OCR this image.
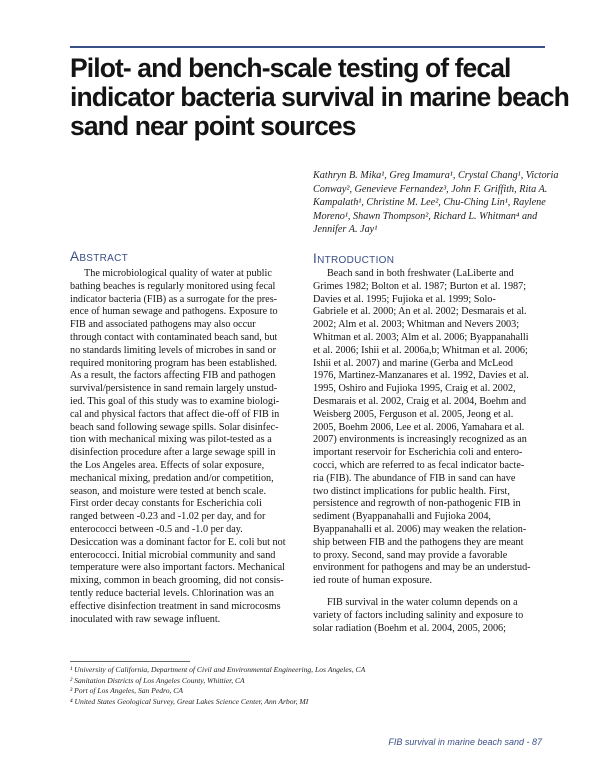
Pilot- and bench-scale testing of fecal
indicator bacteria survival in marine beach
sand near point sources
Kathryn B. Mika¹, Greg Imamura¹, Crystal Chang¹, Victoria
Conway², Genevieve Fernandez³, John F. Griffith, Rita A.
Kampalath¹, Christine M. Lee², Chu-Ching Lin¹, Raylene
Moreno¹, Shawn Thompson², Richard L. Whitman⁴ and
Jennifer A. Jay¹
ABSTRACT
The microbiological quality of water at public
bathing beaches is regularly monitored using fecal
indicator bacteria (FIB) as a surrogate for the pres-
ence of human sewage and pathogens. Exposure to
FIB and associated pathogens may also occur
through contact with contaminated beach sand, but
no standards limiting levels of microbes in sand or
required monitoring program has been established.
As a result, the factors affecting FIB and pathogen
survival/persistence in sand remain largely unstud-
ied. This goal of this study was to examine biologi-
cal and physical factors that affect die-off of FIB in
beach sand following sewage spills. Solar disinfec-
tion with mechanical mixing was pilot-tested as a
disinfection procedure after a large sewage spill in
the Los Angeles area. Effects of solar exposure,
mechanical mixing, predation and/or competition,
season, and moisture were tested at bench scale.
First order decay constants for Escherichia coli
ranged between -0.23 and -1.02 per day, and for
enterococci between -0.5 and -1.0 per day.
Desiccation was a dominant factor for E. coli but not
enterococci. Initial microbial community and sand
temperature were also important factors. Mechanical
mixing, common in beach grooming, did not consis-
tently reduce bacterial levels. Chlorination was an
effective disinfection treatment in sand microcosms
inoculated with raw sewage influent.
INTRODUCTION
Beach sand in both freshwater (LaLiberte and
Grimes 1982; Bolton et al. 1987; Burton et al. 1987;
Davies et al. 1995; Fujioka et al. 1999; Solo-
Gabriele et al. 2000; An et al. 2002; Desmarais et al.
2002; Alm et al. 2003; Whitman and Nevers 2003;
Whitman et al. 2003; Alm et al. 2006; Byappanahalli
et al. 2006; Ishii et al. 2006a,b; Whitman et al. 2006;
Ishii et al. 2007) and marine (Gerba and McLeod
1976, Martinez-Manzanares et al. 1992, Davies et al.
1995, Oshiro and Fujioka 1995, Craig et al. 2002,
Desmarais et al. 2002, Craig et al. 2004, Boehm and
Weisberg 2005, Ferguson et al. 2005, Jeong et al.
2005, Boehm 2006, Lee et al. 2006, Yamahara et al.
2007) environments is increasingly recognized as an
important reservoir for Escherichia coli and entero-
cocci, which are referred to as fecal indicator bacte-
ria (FIB). The abundance of FIB in sand can have
two distinct implications for public health. First,
persistence and regrowth of non-pathogenic FIB in
sediment (Byappanahalli and Fujioka 2004,
Byappanahalli et al. 2006) may weaken the relation-
ship between FIB and the pathogens they are meant
to proxy. Second, sand may provide a favorable
environment for pathogens and may be an understud-
ied route of human exposure.
FIB survival in the water column depends on a
variety of factors including salinity and exposure to
solar radiation (Boehm et al. 2004, 2005, 2006;
¹ University of California, Department of Civil and Environmental Engineering, Los Angeles, CA
² Sanitation Districts of Los Angeles County, Whittier, CA
³ Port of Los Angeles, San Pedro, CA
⁴ United States Geological Survey, Great Lakes Science Center, Ann Arbor, MI
FIB survival in marine beach sand - 87
